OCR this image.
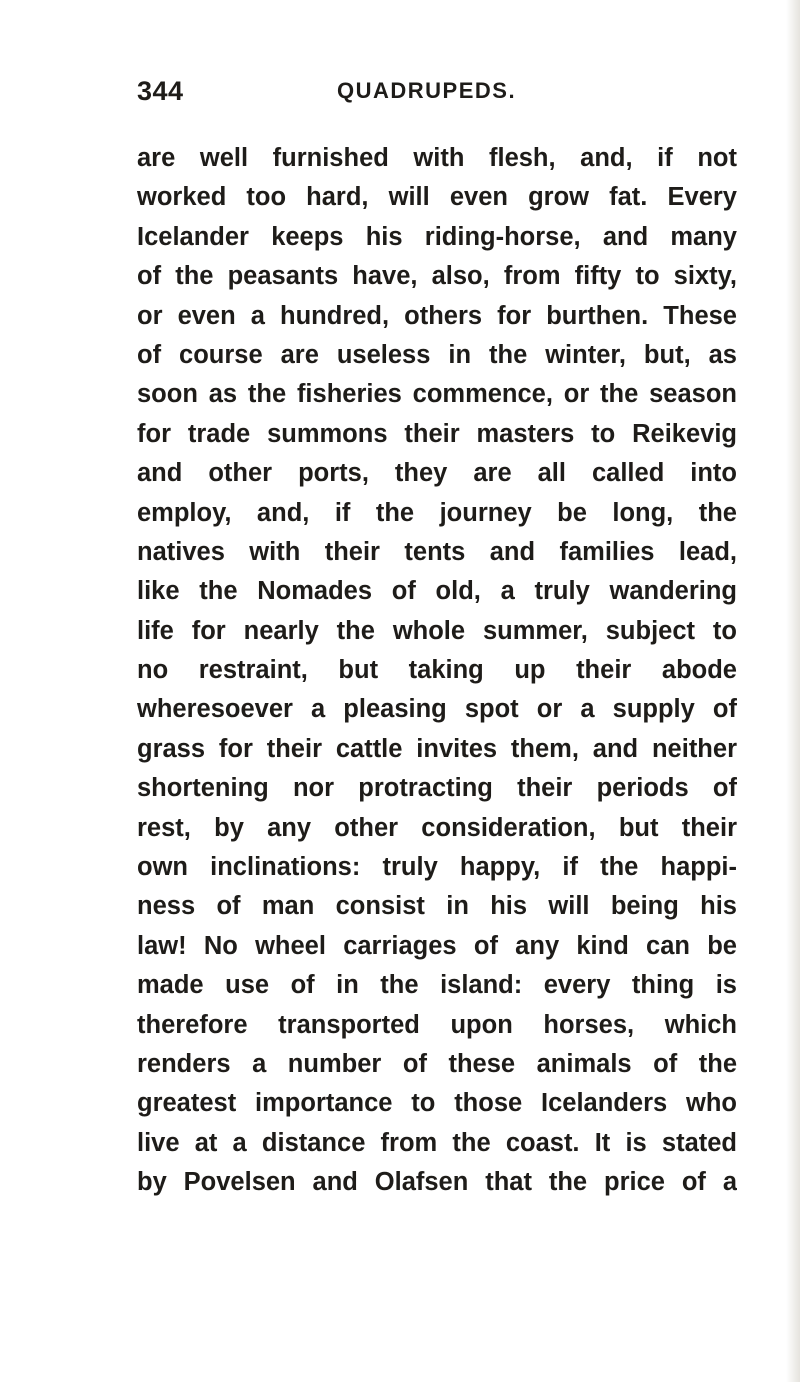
344	QUADRUPEDS.
are well furnished with flesh, and, if not
worked too hard, will even grow fat. Every
Icelander keeps his riding-horse, and many
of the peasants have, also, from fifty to sixty,
or even a hundred, others for burthen. These
of course are useless in the winter, but, as
soon as the fisheries commence, or the season
for trade summons their masters to Reikevig
and other ports, they are all called into
employ, and, if the journey be long, the
natives with their tents and families lead,
like the Nomades of old, a truly wandering
life for nearly the whole summer, subject to
no restraint, but taking up their abode
wheresoever a pleasing spot or a supply of
grass for their cattle invites them, and neither
shortening nor protracting their periods of
rest, by any other consideration, but their
own inclinations: truly happy, if the happi-
ness of man consist in his will being his
law! No wheel carriages of any kind can be
made use of in the island: every thing is
therefore transported upon horses, which
renders a number of these animals of the
greatest importance to those Icelanders who
live at a distance from the coast. It is stated
by Povelsen and Olafsen that the price of a
